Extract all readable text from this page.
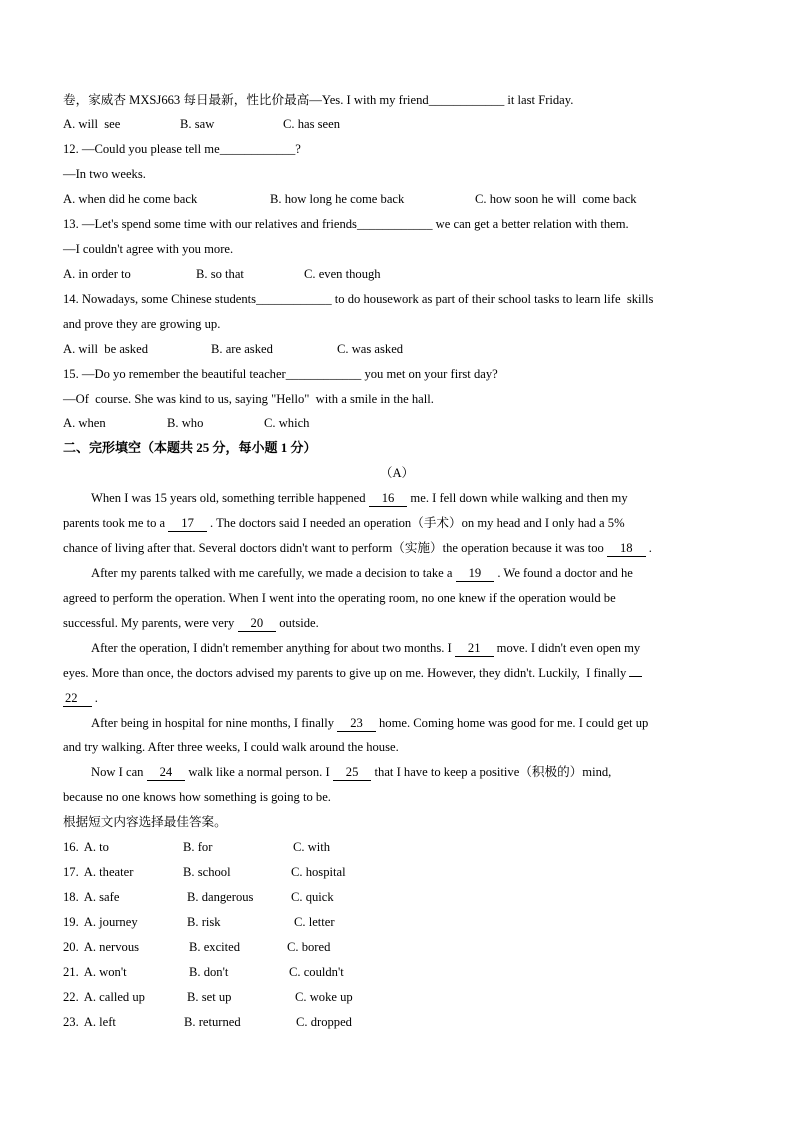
卷，家威杏 MXSJ663 每日最新，性比价最高—Yes. I with my friend____________ it last Friday.
A. will  see	B. saw	C. has seen
12. —Could you please tell me____________?
—In two weeks.
A. when did he come back	B. how long he come back	C. how soon he will  come back
13. —Let's spend some time with our relatives and friends____________ we can get a better relation with them.
—I couldn't agree with you more.
A. in order to	B. so that	C. even though
14. Nowadays, some Chinese students____________ to do housework as part of their school tasks to learn life  skills
and prove they are growing up.
A. will  be asked	B. are asked	C. was asked
15. —Do yo remember the beautiful teacher____________ you met on your first day?
—Of  course. She was kind to us, saying "Hello"  with a smile in the hall.
A. when	B. who	C. which
二、完形填空（本题共 25 分，每小题 1 分）
（A）
When I was 15 years old, something terrible happened 16 me. I fell down while walking and then my
parents took me to a 17 . The doctors said I needed an operation（手术）on my head and I only had a 5%
chance of living after that. Several doctors didn't want to perform（实施）the operation because it was too 18 .
After my parents talked with me carefully, we made a decision to take a 19 . We found a doctor and he
agreed to perform the operation. When I went into the operating room, no one knew if the operation would be
successful. My parents, were very 20 outside.
After the operation, I didn't remember anything for about two months. I 21 move. I didn't even open my
eyes. More than once, the doctors advised my parents to give up on me. However, they didn't. Luckily,  I finally
22 .
After being in hospital for nine months, I finally 23 home. Coming home was good for me. I could get up
and try walking. After three weeks, I could walk around the house.
Now I can 24 walk like a normal person. I 25 that I have to keep a positive（积极的）mind,
because no one knows how something is going to be.
根据短文内容选择最佳答案。
16. A. to	B. for	C. with
17. A. theater	B. school	C. hospital
18. A. safe	B. dangerous	C. quick
19. A. journey	B. risk	C. letter
20. A. nervous	B. excited	C. bored
21. A. won't	B. don't	C. couldn't
22. A. called up	B. set up	C. woke up
23. A. left	B. returned	C. dropped
